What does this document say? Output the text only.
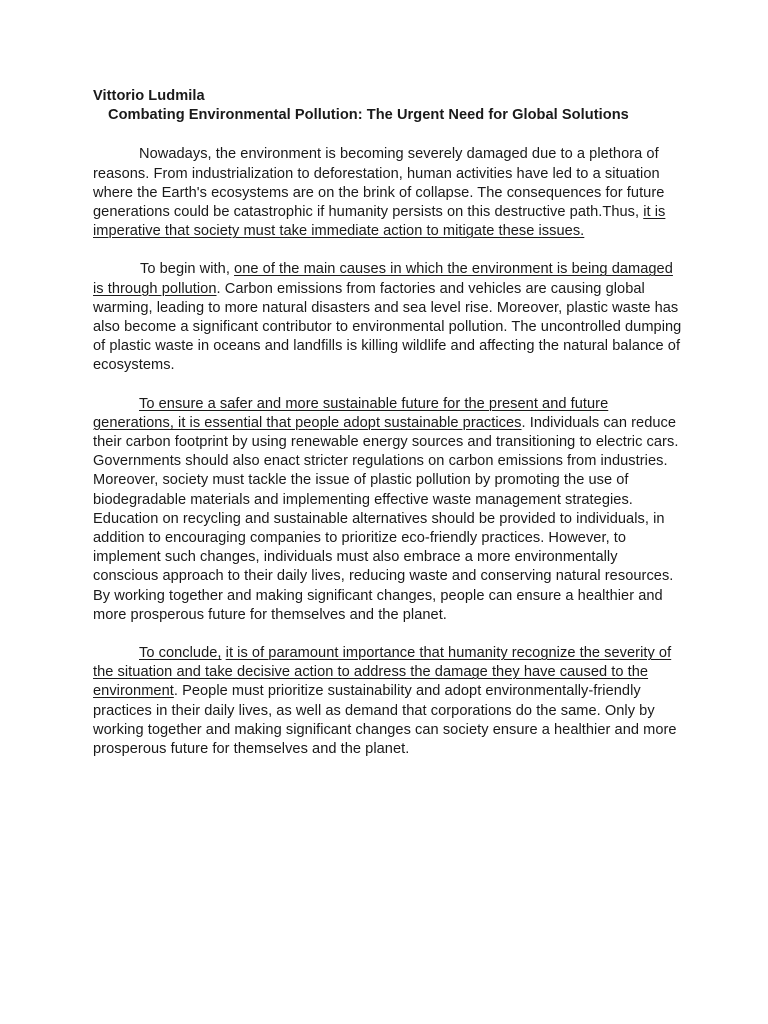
Vittorio Ludmila

Combating Environmental Pollution: The Urgent Need for Global Solutions

Nowadays, the environment is becoming severely damaged due to a plethora of reasons. From industrialization to deforestation, human activities have led to a situation where the Earth's ecosystems are on the brink of collapse. The consequences for future generations could be catastrophic if humanity persists on this destructive path.Thus, it is imperative that society must take immediate action to mitigate these issues.

To begin with, one of the main causes in which the environment is being damaged is through pollution. Carbon emissions from factories and vehicles are causing global warming, leading to more natural disasters and sea level rise. Moreover, plastic waste has also become a significant contributor to environmental pollution. The uncontrolled dumping of plastic waste in oceans and landfills is killing wildlife and affecting the natural balance of ecosystems.

To ensure a safer and more sustainable future for the present and future generations, it is essential that people adopt sustainable practices. Individuals can reduce their carbon footprint by using renewable energy sources and transitioning to electric cars. Governments should also enact stricter regulations on carbon emissions from industries. Moreover, society must tackle the issue of plastic pollution by promoting the use of biodegradable materials and implementing effective waste management strategies. Education on recycling and sustainable alternatives should be provided to individuals, in addition to encouraging companies to prioritize eco-friendly practices. However, to implement such changes, individuals must also embrace a more environmentally conscious approach to their daily lives, reducing waste and conserving natural resources. By working together and making significant changes, people can ensure a healthier and more prosperous future for themselves and the planet.

To conclude, it is of paramount importance that humanity recognize the severity of the situation and take decisive action to address the damage they have caused to the environment. People must prioritize sustainability and adopt environmentally-friendly practices in their daily lives, as well as demand that corporations do the same. Only by working together and making significant changes can society ensure a healthier and more prosperous future for themselves and the planet.
